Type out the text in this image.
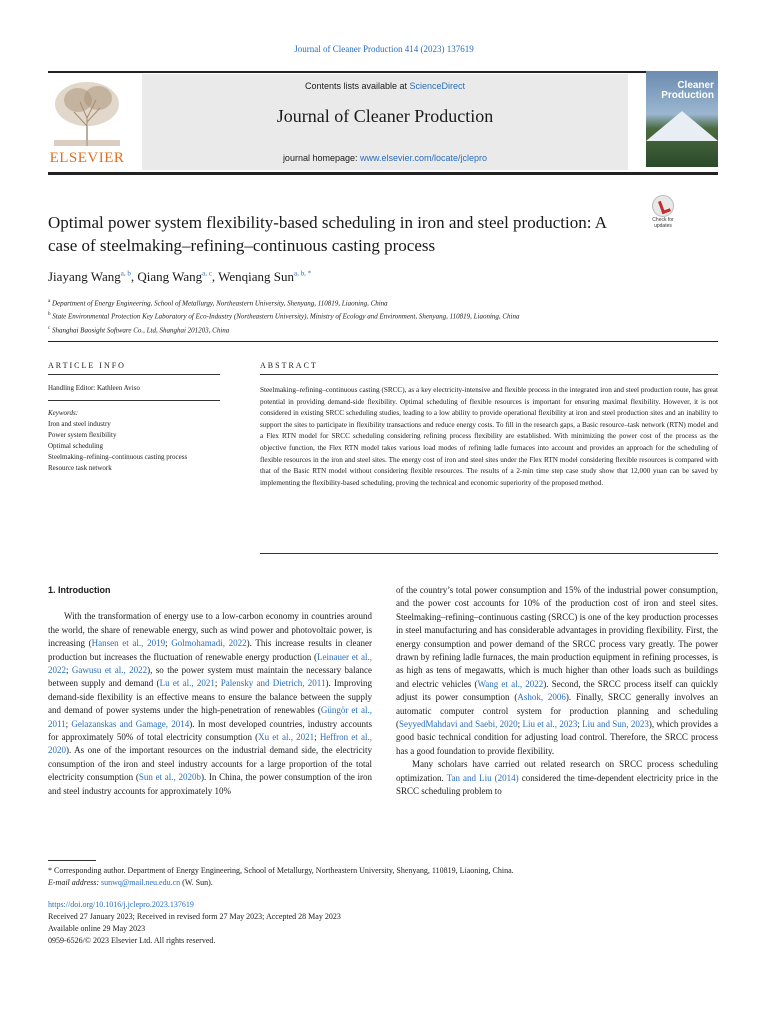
Journal of Cleaner Production 414 (2023) 137619
ELSEVIER
Contents lists available at ScienceDirect
Journal of Cleaner Production
journal homepage: www.elsevier.com/locate/jclepro
Cleaner
Production
Check for
updates
Optimal power system flexibility-based scheduling in iron and steel production: A case of steelmaking–refining–continuous casting process
Jiayang Wang$^{a, b}$, Qiang Wang$^{a, c}$, Wenqiang Sun$^{a, b, *}$
$^a$ Department of Energy Engineering, School of Metallurgy, Northeastern University, Shenyang, 110819, Liaoning, China
$^b$ State Environmental Protection Key Laboratory of Eco-Industry (Northeastern University), Ministry of Ecology and Environment, Shenyang, 110819, Liaoning, China
$^c$ Shanghai Baosight Software Co., Ltd, Shanghai 201203, China
ARTICLE INFO	ABSTRACT
Handling Editor: Kathleen Aviso
Keywords:
Iron and steel industry
Power system flexibility
Optimal scheduling
Steelmaking–refining–continuous casting process
Resource task network
Steelmaking–refining–continuous casting (SRCC), as a key electricity-intensive and flexible process in the integrated iron and steel production route, has great potential in providing demand-side flexibility. Optimal scheduling of flexible resources is important for ensuring maximal flexibility. However, it is not considered in existing SRCC scheduling studies, leading to a low ability to provide operational flexibility at iron and steel production sites and an inability to support the sites to participate in flexibility transactions and reduce energy costs. To fill in the research gaps, a Basic resource–task network (RTN) model and a Flex RTN model for SRCC scheduling considering refining process flexibility are established. With minimizing the power cost of the process as the objective function, the Flex RTN model takes various load modes of refining ladle furnaces into account and provides an approach for the scheduling of flexible resources in the iron and steel sites. The energy cost of iron and steel sites under the Flex RTN model considering flexible resources is compared with that of the Basic RTN model without considering flexible resources. The results of a 2-min time step case study show that 12,000 yuan can be saved by implementing the flexibility-based scheduling, proving the technical and economic superiority of the proposed method.
1. Introduction

With the transformation of energy use to a low-carbon economy in countries around the world, the share of renewable energy, such as wind power and photovoltaic power, is increasing (Hansen et al., 2019; Golmohamadi, 2022). This increase results in cleaner production but increases the fluctuation of renewable energy production (Leinauer et al., 2022; Gawusu et al., 2022), so the power system must maintain the necessary balance between supply and demand (Lu et al., 2021; Palensky and Dietrich, 2011). Improving demand-side flexibility is an effective means to ensure the balance between the supply and demand of power systems under the high-penetration of renewables (Güngör et al., 2011; Gelazanskas and Gamage, 2014). In most developed countries, industry accounts for approximately 50% of total electricity consumption (Xu et al., 2021; Heffron et al., 2020). As one of the important resources on the industrial demand side, the electricity consumption of the iron and steel industry accounts for a large proportion of the total electricity consumption (Sun et al., 2020b). In China, the power consumption of the iron and steel industry accounts for approximately 10%

of the country’s total power consumption and 15% of the industrial power consumption, and the power cost accounts for 10% of the production cost of iron and steel sites. Steelmaking–refining–continuous casting (SRCC) is one of the key production processes in steel manufacturing and has considerable advantages in providing flexibility. First, the energy consumption and power demand of the SRCC process vary greatly. The power drawn by refining ladle furnaces, the main production equipment in refining processes, is as high as tens of megawatts, which is much higher than other loads such as buildings and electric vehicles (Wang et al., 2022). Second, the SRCC process itself can quickly adjust its power consumption (Ashok, 2006). Finally, SRCC generally involves an automatic computer control system for production planning and scheduling (SeyyedMahdavi and Saebi, 2020; Liu et al., 2023; Liu and Sun, 2023), which provides a good basic technical condition for adjusting load control. Therefore, the SRCC process has a good foundation to provide flexibility.

Many scholars have carried out related research on SRCC process scheduling optimization. Tan and Liu (2014) considered the time-dependent electricity price in the SRCC scheduling problem to

* Corresponding author. Department of Energy Engineering, School of Metallurgy, Northeastern University, Shenyang, 110819, Liaoning, China.
E-mail address: sunwq@mail.neu.edu.cn (W. Sun).
https://doi.org/10.1016/j.jclepro.2023.137619
Received 27 January 2023; Received in revised form 27 May 2023; Accepted 28 May 2023
Available online 29 May 2023
0959-6526/© 2023 Elsevier Ltd. All rights reserved.
